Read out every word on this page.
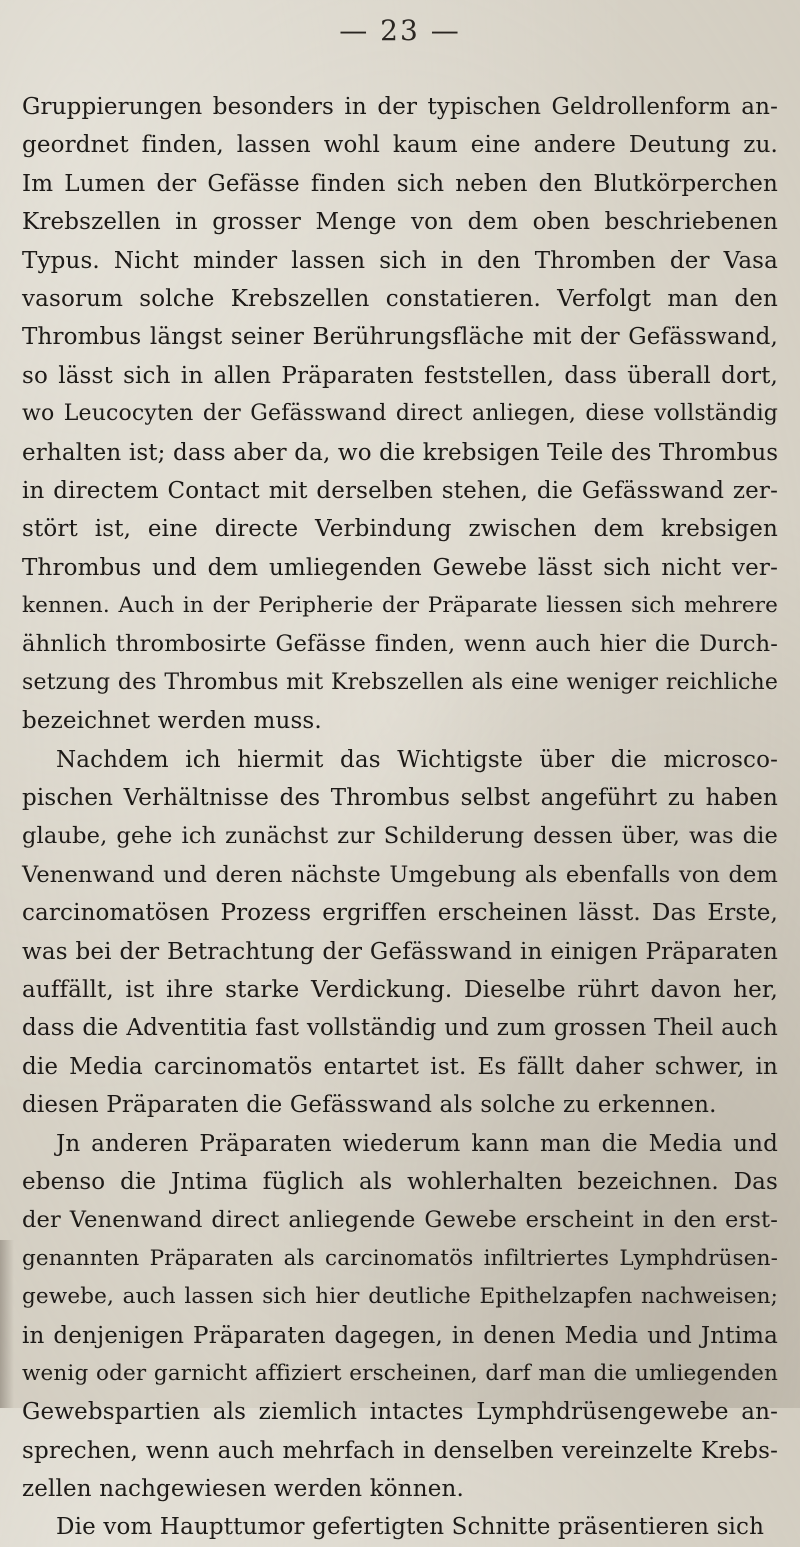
— 23 —
Gruppierungen besonders in der typischen Geldrollenform an-
geordnet finden, lassen wohl kaum eine andere Deutung zu.
Im Lumen der Gefässe finden sich neben den Blutkörperchen
Krebszellen in grosser Menge von dem oben beschriebenen
Typus. Nicht minder lassen sich in den Thromben der Vasa
vasorum solche Krebszellen constatieren. Verfolgt man den
Thrombus längst seiner Berührungsfläche mit der Gefässwand,
so lässt sich in allen Präparaten feststellen, dass überall dort,
wo Leucocyten der Gefässwand direct anliegen, diese vollständig
erhalten ist; dass aber da, wo die krebsigen Teile des Thrombus
in directem Contact mit derselben stehen, die Gefässwand zer-
stört ist, eine directe Verbindung zwischen dem krebsigen
Thrombus und dem umliegenden Gewebe lässt sich nicht ver-
kennen. Auch in der Peripherie der Präparate liessen sich mehrere
ähnlich thrombosirte Gefässe finden, wenn auch hier die Durch-
setzung des Thrombus mit Krebszellen als eine weniger reichliche
bezeichnet werden muss.
Nachdem ich hiermit das Wichtigste über die microsco-
pischen Verhältnisse des Thrombus selbst angeführt zu haben
glaube, gehe ich zunächst zur Schilderung dessen über, was die
Venenwand und deren nächste Umgebung als ebenfalls von dem
carcinomatösen Prozess ergriffen erscheinen lässt. Das Erste,
was bei der Betrachtung der Gefässwand in einigen Präparaten
auffällt, ist ihre starke Verdickung. Dieselbe rührt davon her,
dass die Adventitia fast vollständig und zum grossen Theil auch
die Media carcinomatös entartet ist. Es fällt daher schwer, in
diesen Präparaten die Gefässwand als solche zu erkennen.
Jn anderen Präparaten wiederum kann man die Media und
ebenso die Jntima füglich als wohlerhalten bezeichnen. Das
der Venenwand direct anliegende Gewebe erscheint in den erst-
genannten Präparaten als carcinomatös infiltriertes Lymphdrüsen-
gewebe, auch lassen sich hier deutliche Epithelzapfen nachweisen;
in denjenigen Präparaten dagegen, in denen Media und Jntima
wenig oder garnicht affiziert erscheinen, darf man die umliegenden
Gewebspartien als ziemlich intactes Lymphdrüsengewebe an-
sprechen, wenn auch mehrfach in denselben vereinzelte Krebs-
zellen nachgewiesen werden können.
Die vom Haupttumor gefertigten Schnitte präsentieren sich
